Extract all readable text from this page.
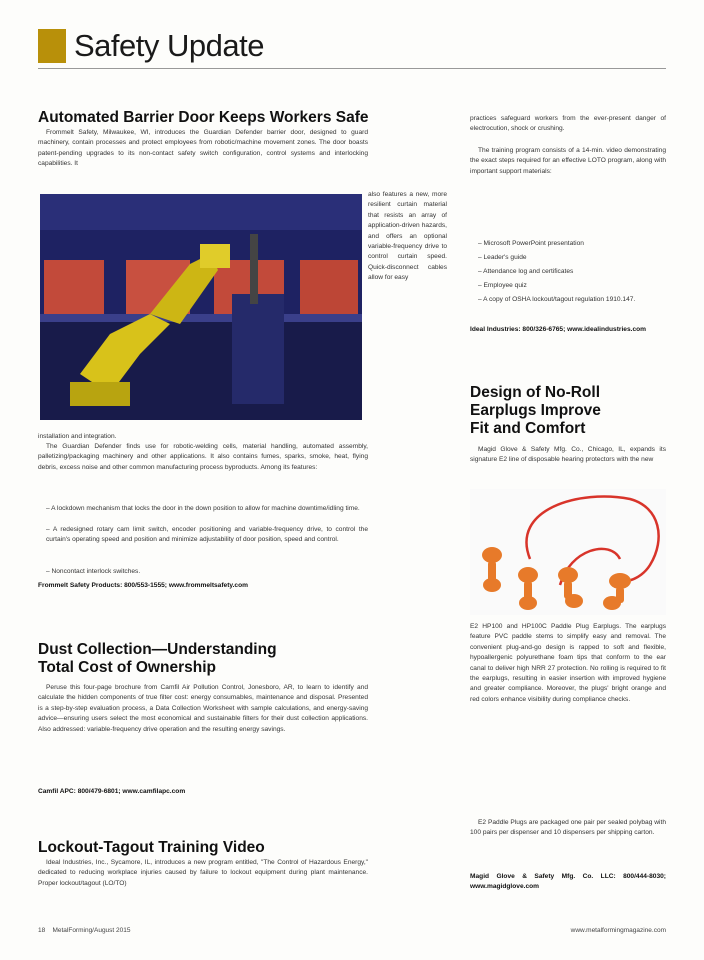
Safety Update
Automated Barrier Door Keeps Workers Safe
Frommelt Safety, Milwaukee, WI, introduces the Guardian Defender barrier door, designed to guard machinery, contain processes and protect employees from robotic/machine movement zones. The door boasts patent-pending upgrades to its non-contact safety switch configuration, control systems and interlocking capabilities. It
also features a new, more resilient curtain material that resists an array of application-driven hazards, and offers an optional variable-frequency drive to control curtain speed. Quick-disconnect cables allow for easy
installation and integration.
The Guardian Defender finds use for robotic-welding cells, material handling, automated assembly, palletizing/packaging machinery and other applications. It also contains fumes, sparks, smoke, heat, flying debris, excess noise and other common manufacturing process byproducts. Among its features:
– A lockdown mechanism that locks the door in the down position to allow for machine downtime/idling time.
– A redesigned rotary cam limit switch, encoder positioning and variable-frequency drive, to control the curtain's operating speed and position and minimize adjustability of door position, speed and control.
– Noncontact interlock switches.
Frommelt Safety Products: 800/553-1555; www.frommeltsafety.com
practices safeguard workers from the ever-present danger of electrocution, shock or crushing.
The training program consists of a 14-min. video demonstrating the exact steps required for an effective LOTO program, along with important support materials:
– Microsoft PowerPoint presentation
– Leader's guide
– Attendance log and certificates
– Employee quiz
– A copy of OSHA lockout/tagout regulation 1910.147.
Ideal Industries: 800/326-6765; www.idealindustries.com
Design of No-Roll
Earplugs Improve
Fit and Comfort
Magid Glove & Safety Mfg. Co., Chicago, IL, expands its signature E2 line of disposable hearing protectors with the new
E2 HP100 and HP100C Paddle Plug Earplugs. The earplugs feature PVC paddle stems to simplify easy and removal. The convenient plug-and-go design is rapped to soft and flexible, hypoallergenic polyurethane foam tips that conform to the ear canal to deliver high NRR 27 protection. No rolling is required to fit the earplugs, resulting in easier insertion with improved hygiene and greater compliance. Moreover, the plugs' bright orange and red colors enhance visibility during compliance checks.
E2 Paddle Plugs are packaged one pair per sealed polybag with 100 pairs per dispenser and 10 dispensers per shipping carton.
Magid Glove & Safety Mfg. Co. LLC: 800/444-8030; www.magidglove.com
Dust Collection—Understanding
Total Cost of Ownership
Peruse this four-page brochure from Camfil Air Pollution Control, Jonesboro, AR, to learn to identify and calculate the hidden components of true filter cost: energy consumables, maintenance and disposal. Presented is a step-by-step evaluation process, a Data Collection Worksheet with sample calculations, and energy-saving advice—ensuring users select the most economical and sustainable filters for their dust collection applications. Also addressed: variable-frequency drive operation and the resulting energy savings.
Camfil APC: 800/479-6801; www.camfilapc.com
Lockout-Tagout Training Video
Ideal Industries, Inc., Sycamore, IL, introduces a new program entitled, "The Control of Hazardous Energy," dedicated to reducing workplace injuries caused by failure to lockout equipment during plant maintenance. Proper lockout/tagout (LO/TO)
18    MetalForming/August 2015	www.metalformingmagazine.com
